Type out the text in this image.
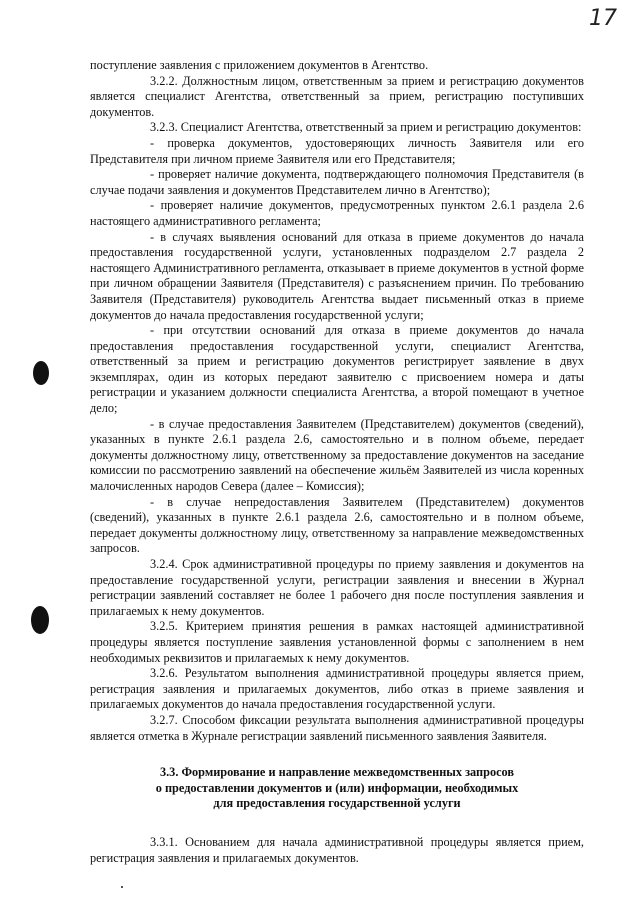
17

поступление заявления с приложением документов в Агентство.

3.2.2. Должностным лицом, ответственным за прием и регистрацию документов является специалист Агентства, ответственный за прием, регистрацию поступивших документов.

3.2.3. Специалист Агентства, ответственный за прием и регистрацию документов:

- проверка документов, удостоверяющих личность Заявителя или его Представителя при личном приеме Заявителя или его Представителя;

- проверяет наличие документа, подтверждающего полномочия Представителя (в случае подачи заявления и документов Представителем лично в Агентство);

- проверяет наличие документов, предусмотренных пунктом 2.6.1 раздела 2.6 настоящего административного регламента;

- в случаях выявления оснований для отказа в приеме документов до начала предоставления государственной услуги, установленных подразделом 2.7 раздела 2 настоящего Административного регламента, отказывает в приеме документов в устной форме при личном обращении Заявителя (Представителя) с разъяснением причин. По требованию Заявителя (Представителя) руководитель Агентства выдает письменный отказ в приеме документов до начала предоставления государственной услуги;

- при отсутствии оснований для отказа в приеме документов до начала предоставления предоставления государственной услуги, специалист Агентства, ответственный за прием и регистрацию документов регистрирует заявление в двух экземплярах, один из которых передают заявителю с присвоением номера и даты регистрации и указанием должности специалиста Агентства, а второй помещают в учетное дело;

- в случае предоставления Заявителем (Представителем) документов (сведений), указанных в пункте 2.6.1 раздела 2.6, самостоятельно и в полном объеме, передает документы должностному лицу, ответственному за предоставление документов на заседание комиссии по рассмотрению заявлений на обеспечение жильём Заявителей из числа коренных малочисленных народов Севера (далее – Комиссия);

- в случае непредоставления Заявителем (Представителем) документов (сведений), указанных в пункте 2.6.1 раздела 2.6, самостоятельно и в полном объеме, передает документы должностному лицу, ответственному за направление межведомственных запросов.

3.2.4. Срок административной процедуры по приему заявления и документов на предоставление государственной услуги, регистрации заявления и внесении в Журнал регистрации заявлений составляет не более 1 рабочего дня после поступления заявления и прилагаемых к нему документов.

3.2.5. Критерием принятия решения в рамках настоящей административной процедуры является поступление заявления установленной формы с заполнением в нем необходимых реквизитов и прилагаемых к нему документов.

3.2.6. Результатом выполнения административной процедуры является прием, регистрация заявления и прилагаемых документов, либо отказ в приеме заявления и прилагаемых документов до начала предоставления государственной услуги.

3.2.7. Способом фиксации результата выполнения административной процедуры является отметка в Журнале регистрации заявлений письменного заявления Заявителя.

3.3. Формирование и направление межведомственных запросов
о предоставлении документов и (или) информации, необходимых
для предоставления государственной услуги

3.3.1. Основанием для начала административной процедуры является прием, регистрация заявления и прилагаемых документов.
